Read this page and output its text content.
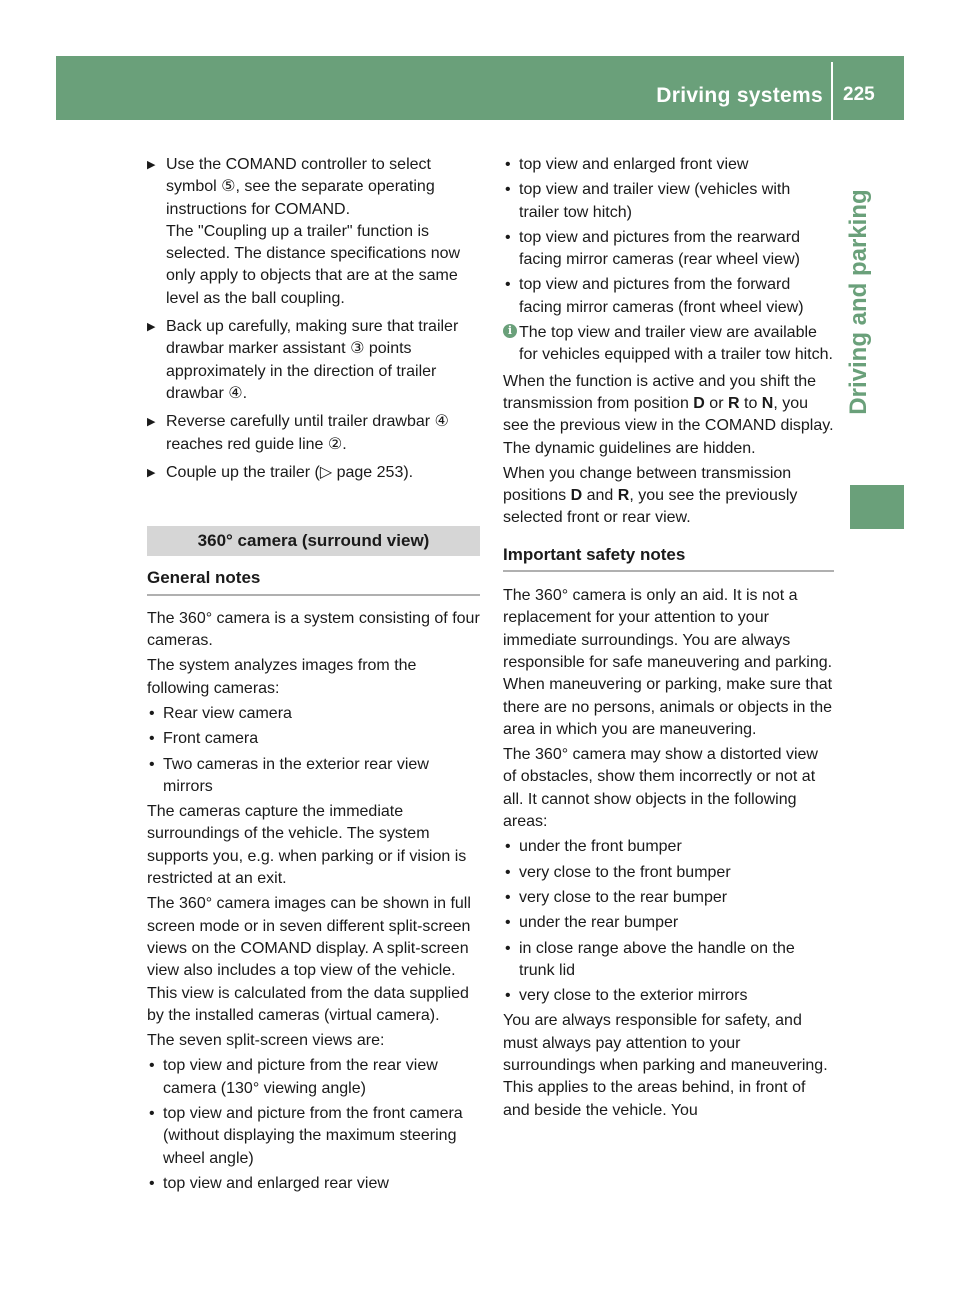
Driving systems 225
Driving and parking
▶ Use the COMAND controller to select symbol ⑤, see the separate operating instructions for COMAND.
The "Coupling up a trailer" function is selected. The distance specifications now only apply to objects that are at the same level as the ball coupling.
▶ Back up carefully, making sure that trailer drawbar marker assistant ③ points approximately in the direction of trailer drawbar ④.
▶ Reverse carefully until trailer drawbar ④ reaches red guide line ②.
▶ Couple up the trailer (▷ page 253).
360° camera (surround view)
General notes

The 360° camera is a system consisting of four cameras.

The system analyzes images from the following cameras:

• Rear view camera
• Front camera
• Two cameras in the exterior rear view mirrors

The cameras capture the immediate surroundings of the vehicle. The system supports you, e.g. when parking or if vision is restricted at an exit.

The 360° camera images can be shown in full screen mode or in seven different split-screen views on the COMAND display. A split-screen view also includes a top view of the vehicle. This view is calculated from the data supplied by the installed cameras (virtual camera).

The seven split-screen views are:

• top view and picture from the rear view camera (130° viewing angle)
• top view and picture from the front camera (without displaying the maximum steering wheel angle)
• top view and enlarged rear view
• top view and enlarged front view
• top view and trailer view (vehicles with trailer tow hitch)
• top view and pictures from the rearward facing mirror cameras (rear wheel view)
• top view and pictures from the forward facing mirror cameras (front wheel view)
i The top view and trailer view are available for vehicles equipped with a trailer tow hitch.

When the function is active and you shift the transmission from position D or R to N, you see the previous view in the COMAND display. The dynamic guidelines are hidden.

When you change between transmission positions D and R, you see the previously selected front or rear view.

Important safety notes

The 360° camera is only an aid. It is not a replacement for your attention to your immediate surroundings. You are always responsible for safe maneuvering and parking. When maneuvering or parking, make sure that there are no persons, animals or objects in the area in which you are maneuvering.

The 360° camera may show a distorted view of obstacles, show them incorrectly or not at all. It cannot show objects in the following areas:

• under the front bumper
• very close to the front bumper
• very close to the rear bumper
• under the rear bumper
• in close range above the handle on the trunk lid
• very close to the exterior mirrors

You are always responsible for safety, and must always pay attention to your surroundings when parking and maneuvering. This applies to the areas behind, in front of and beside the vehicle. You
